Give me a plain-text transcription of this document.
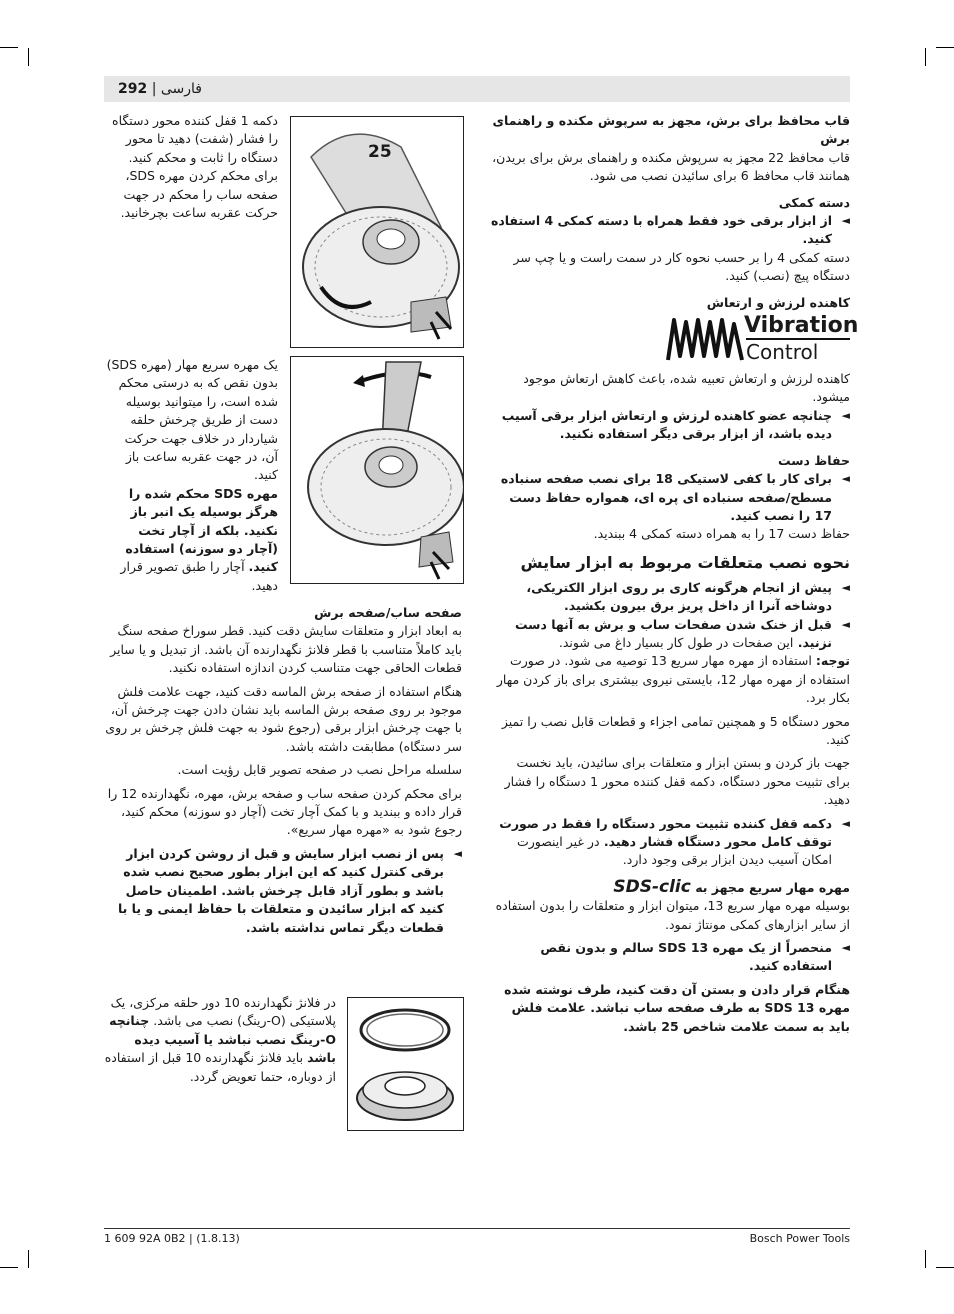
292 | فارسی

قاب محافظ برای برش، مجهز به سرپوش مکنده و راهنمای برش

قاب محافظ 22 مجهز به سرپوش مکنده و راهنمای برش برای بریدن، همانند قاب محافظ 6 برای سائیدن نصب می شود.

دسته کمکی

◄ از ابزار برقی خود فقط همراه با دسته کمکی 4 استفاده کنید.

دسته کمکی 4 را بر حسب نحوه کار در سمت راست و یا چپ سر دستگاه پیچ (نصب) کنید.

کاهنده لرزش و ارتعاش

Vibration
Control

کاهنده لرزش و ارتعاش تعبیه شده، باعث کاهش ارتعاش موجود میشود.

◄ چنانچه عضو کاهنده لرزش و ارتعاش ابزار برقی آسیب دیده باشد، از ابزار برقی دیگر استفاده نکنید.

حفاظ دست

◄ برای کار با کفی لاستیکی 18 برای نصب صفحه سنباده مسطح/صفحه سنباده ای پره ای، همواره حفاظ دست 17 را نصب کنید.

حفاظ دست 17 را به همراه دسته کمکی 4 ببندید.

نحوه نصب متعلقات مربوط به ابزار سایش

◄ پیش از انجام هرگونه کاری بر روی ابزار الکتریکی، دوشاخه آنرا از داخل پریز برق بیرون بکشید.

◄ قبل از خنک شدن صفحات ساب و برش به آنها دست نزنید. این صفحات در طول کار بسیار داغ می شوند.

توجه: استفاده از مهره مهار سریع 13 توصیه می شود. در صورت استفاده از مهره مهار 12، بایستی نیروی بیشتری برای باز کردن مهار بکار برد.

محور دستگاه 5 و همچنین تمامی اجزاء و قطعات قابل نصب را تمیز کنید.

جهت باز کردن و بستن ابزار و متعلقات برای سائیدن، باید نخست برای تثبیت محور دستگاه، دکمه قفل کننده محور 1 دستگاه را فشار دهید.

◄ دکمه قفل کننده تثبیت محور دستگاه را فقط در صورت توقف کامل محور دستگاه فشار دهید. در غیر اینصورت امکان آسیب دیدن ابزار برقی وجود دارد.

مهره مهار سریع مجهز به SDS-clic

بوسیله مهره مهار سریع 13، میتوان ابزار و متعلقات را بدون استفاده از سایر ابزارهای کمکی مونتاژ نمود.

◄ منحصراً از یک مهره SDS 13 سالم و بدون نقص استفاده کنید.

هنگام قرار دادن و بستن آن دقت کنید، طرف نوشته شده مهره SDS 13 به طرف صفحه ساب نباشد. علامت فلش باید به سمت علامت شاخص 25 باشد.

25
دکمه 1 قفل کننده محور دستگاه را فشار (شفت) دهید تا محور دستگاه را ثابت و محکم کنید. برای محکم کردن مهره SDS، صفحه ساب را محکم در جهت حرکت عقربه ساعت بچرخانید.

یک مهره سریع مهار (مهره SDS) بدون نقص که به درستی محکم شده است، را میتوانید بوسیله دست از طریق چرخش حلقه شیاردار در خلاف جهت حرکت آن، در جهت عقربه ساعت باز کنید.

مهره SDS محکم شده را هرگز بوسیله یک انبر باز نکنید. بلکه از آچار تخت (آچار دو سوزنه) استفاده کنید. آچار را طبق تصویر قرار دهید.

صفحه ساب/صفحه برش

به ابعاد ابزار و متعلقات سایش دقت کنید. قطر سوراخ صفحه سنگ باید کاملاً متناسب با قطر فلانژ نگهدارنده آن باشد. از تبدیل و یا سایر قطعات الحاقی جهت متناسب کردن اندازه استفاده نکنید.

هنگام استفاده از صفحه برش الماسه دقت کنید، جهت علامت فلش موجود بر روی صفحه برش الماسه باید نشان دادن جهت چرخش آن، با جهت چرخش ابزار برقی (رجوع شود به جهت فلش چرخش بر روی سر دستگاه) مطابقت داشته باشد.

سلسله مراحل نصب در صفحه تصویر قابل رؤیت است.

برای محکم کردن صفحه ساب و صفحه برش، مهره، نگهدارنده 12 را قرار داده و ببندید و با کمک آچار تخت (آچار دو سوزنه) محکم کنید، رجوع شود به «مهره مهار سریع».

◄ پس از نصب ابزار سایش و قبل از روشن کردن ابزار برقی کنترل کنید که این ابزار بطور صحیح نصب شده باشد و بطور آزاد قابل چرخش باشد. اطمینان حاصل کنید که ابزار سائیدن و متعلقات با حفاظ ایمنی و یا با قطعات دیگر تماس نداشته باشد.

در فلانژ نگهدارنده 10 دور حلقه مرکزی، یک پلاستیکی (O-رینگ) نصب می باشد. چنانچه O-رینگ نصب نباشد یا آسیب دیده باشد باید فلانژ نگهدارنده 10 قبل از استفاده از دوباره، حتما تعویض گردد.

1 609 92A 0B2 | (1.8.13)	Bosch Power Tools
